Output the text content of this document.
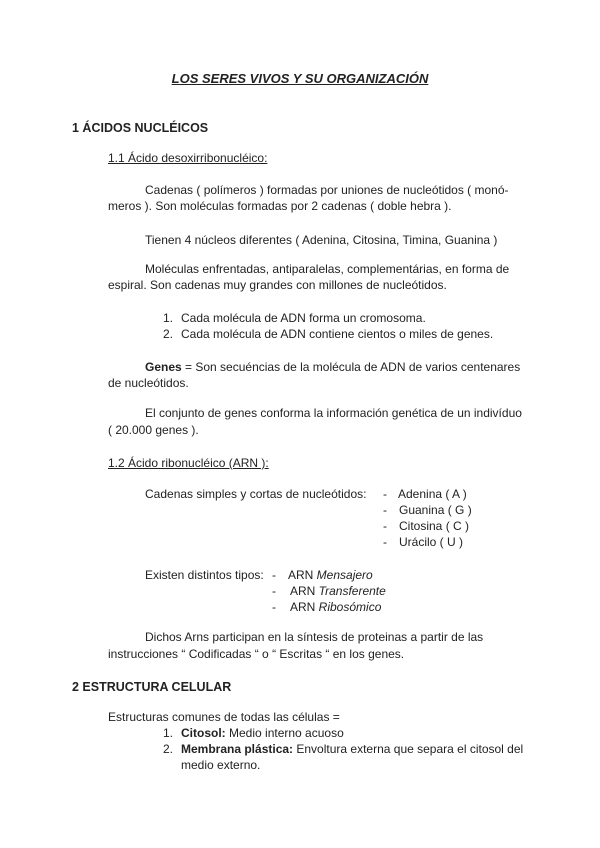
LOS SERES VIVOS Y SU ORGANIZACIÓN
1 ÁCIDOS NUCLÉICOS
1.1 Ácido desoxirribonucléico:
Cadenas ( polímeros ) formadas por uniones de nucleótidos ( monó-
meros ). Son moléculas formadas por 2 cadenas ( doble hebra ).
Tienen 4 núcleos diferentes ( Adenina, Citosina, Timina, Guanina )
Moléculas enfrentadas, antiparalelas, complementárias, en forma de
espiral. Son cadenas muy grandes con millones de nucleótidos.
1. Cada molécula de ADN forma un cromosoma.
2. Cada molécula de ADN contiene cientos o miles de genes.
Genes = Son secuéncias de la molécula de ADN de varios centenares
de nucleótidos.
El conjunto de genes conforma la información genética de un indivíduo
( 20.000 genes ).
1.2 Ácido ribonucléico (ARN ):
Cadenas simples y cortas de nucleótidos: - Adenina ( A )
- Guanina ( G )
- Citosina ( C )
- Urácilo ( U )
Existen distintos tipos: - ARN Mensajero
- ARN Transferente
- ARN Ribosómico
Dichos Arns participan en la síntesis de proteinas a partir de las
instrucciones “ Codificadas “ o “ Escritas “ en los genes.
2 ESTRUCTURA CELULAR
Estructuras comunes de todas las células =
1. Citosol: Medio interno acuoso
2. Membrana plástica: Envoltura externa que separa el citosol del
medio externo.
